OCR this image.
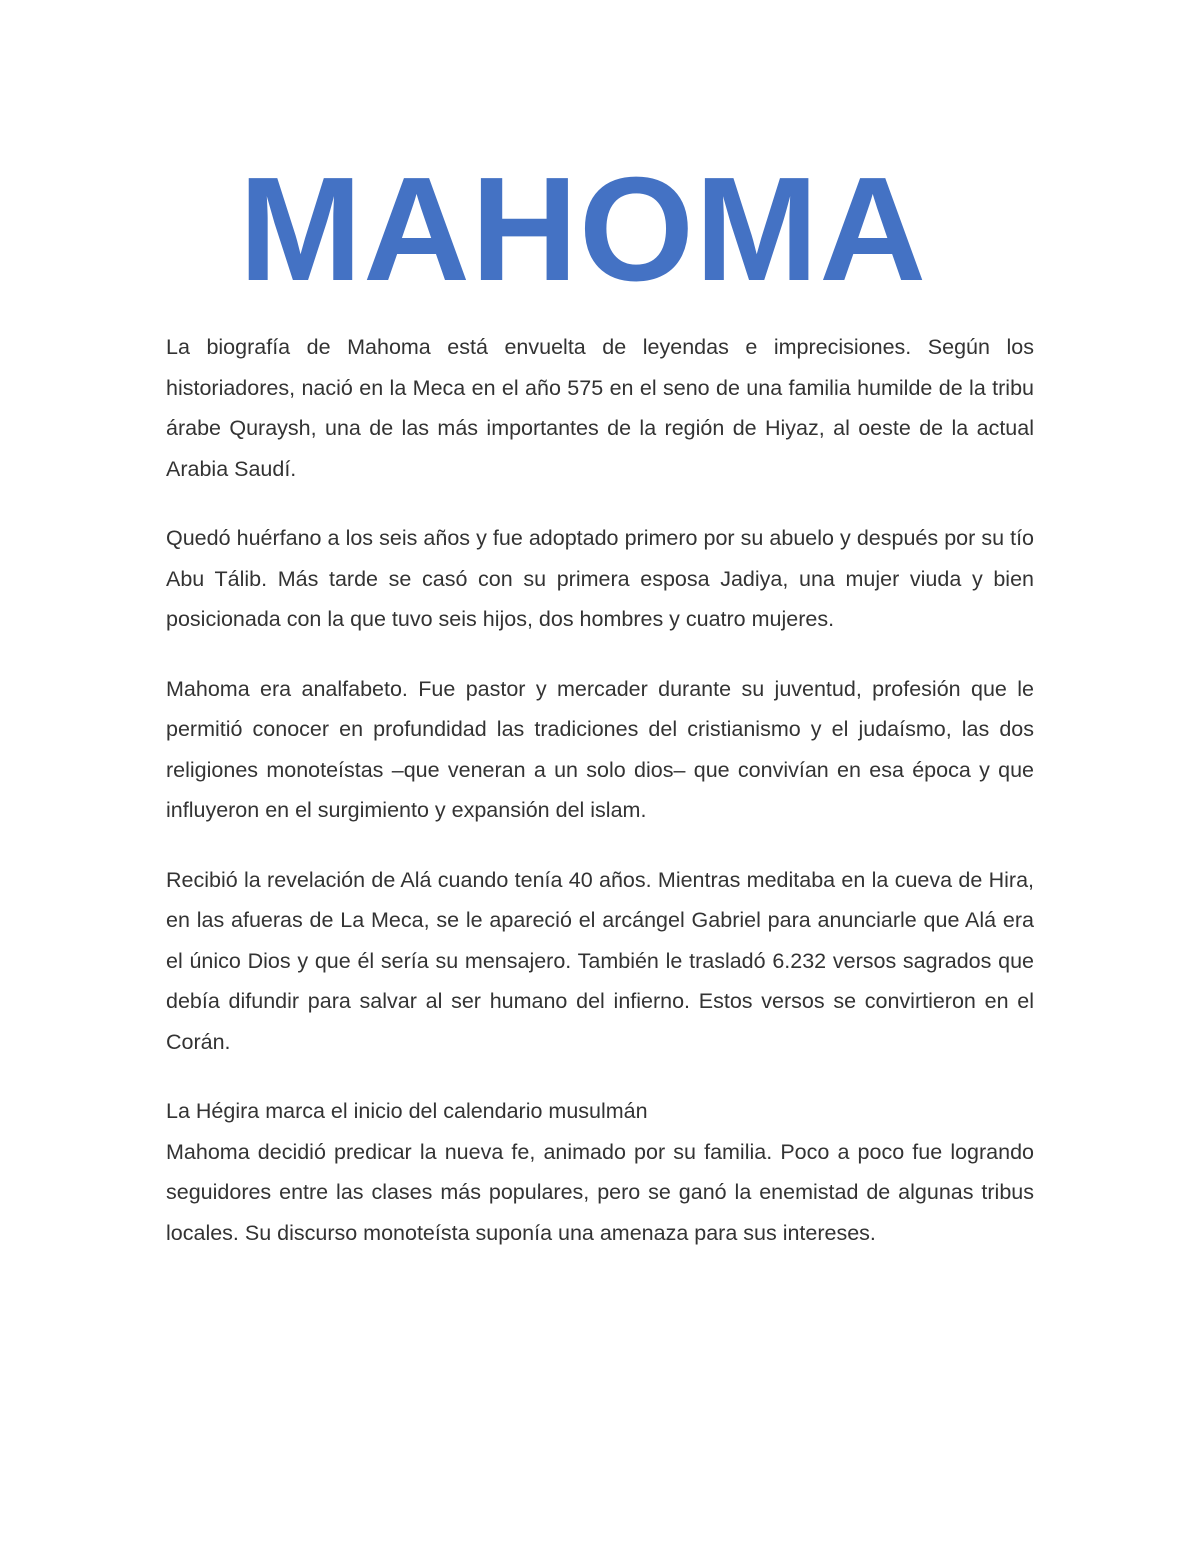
MAHOMA

La biografía de Mahoma está envuelta de leyendas e imprecisiones. Según los historiadores, nació en la Meca en el año 575 en el seno de una familia humilde de la tribu árabe Quraysh, una de las más importantes de la región de Hiyaz, al oeste de la actual Arabia Saudí.

Quedó huérfano a los seis años y fue adoptado primero por su abuelo y después por su tío Abu Tálib. Más tarde se casó con su primera esposa Jadiya, una mujer viuda y bien posicionada con la que tuvo seis hijos, dos hombres y cuatro mujeres.

Mahoma era analfabeto. Fue pastor y mercader durante su juventud, profesión que le permitió conocer en profundidad las tradiciones del cristianismo y el judaísmo, las dos religiones monoteístas –que veneran a un solo dios– que convivían en esa época y que influyeron en el surgimiento y expansión del islam.

Recibió la revelación de Alá cuando tenía 40 años. Mientras meditaba en la cueva de Hira, en las afueras de La Meca, se le apareció el arcángel Gabriel para anunciarle que Alá era el único Dios y que él sería su mensajero. También le trasladó 6.232 versos sagrados que debía difundir para salvar al ser humano del infierno. Estos versos se convirtieron en el Corán.

La Hégira marca el inicio del calendario musulmán

Mahoma decidió predicar la nueva fe, animado por su familia. Poco a poco fue logrando seguidores entre las clases más populares, pero se ganó la enemistad de algunas tribus locales. Su discurso monoteísta suponía una amenaza para sus intereses.
